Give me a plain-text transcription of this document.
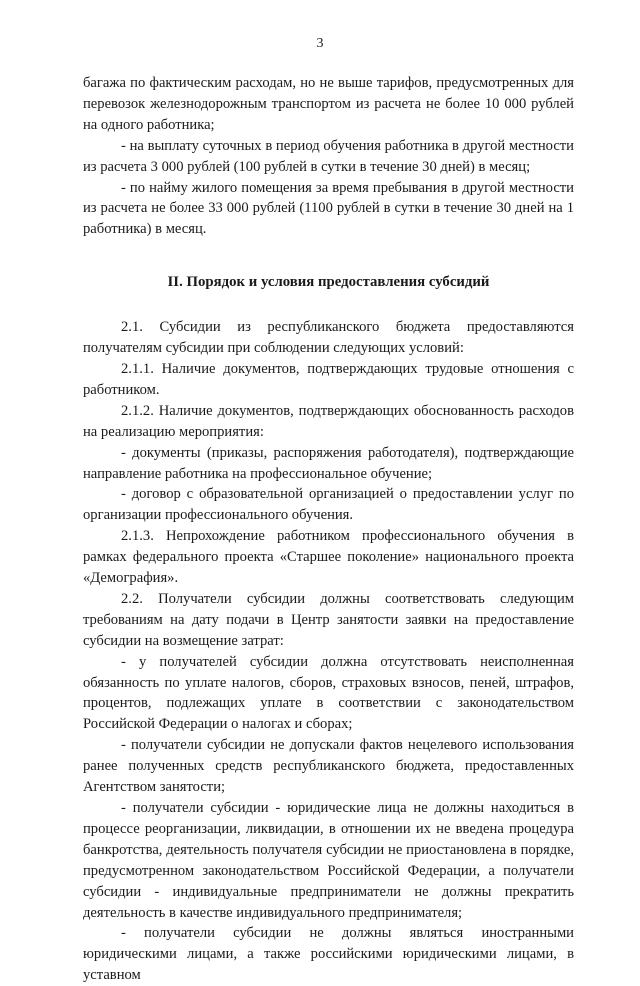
3

багажа по фактическим расходам, но не выше тарифов, предусмотренных для перевозок железнодорожным транспортом из расчета не более 10 000 рублей на одного работника;

- на выплату суточных в период обучения работника в другой местности из расчета 3 000 рублей (100 рублей в сутки в течение 30 дней) в месяц;

- по найму жилого помещения за время пребывания в другой местности из расчета не более 33 000 рублей (1100 рублей в сутки в течение 30 дней на 1 работника) в месяц.

II. Порядок и условия предоставления субсидий

2.1. Субсидии из республиканского бюджета предоставляются получателям субсидии при соблюдении следующих условий:

2.1.1. Наличие документов, подтверждающих трудовые отношения с работником.

2.1.2. Наличие документов, подтверждающих обоснованность расходов на реализацию мероприятия:

- документы (приказы, распоряжения работодателя), подтверждающие направление работника на профессиональное обучение;

- договор с образовательной организацией о предоставлении услуг по организации профессионального обучения.

2.1.3. Непрохождение работником профессионального обучения в рамках федерального проекта «Старшее поколение» национального проекта «Демография».

2.2. Получатели субсидии должны соответствовать следующим требованиям на дату подачи в Центр занятости заявки на предоставление субсидии на возмещение затрат:

- у получателей субсидии должна отсутствовать неисполненная обязанность по уплате налогов, сборов, страховых взносов, пеней, штрафов, процентов, подлежащих уплате в соответствии с законодательством Российской Федерации о налогах и сборах;

- получатели субсидии не допускали фактов нецелевого использования ранее полученных средств республиканского бюджета, предоставленных Агентством занятости;

- получатели субсидии - юридические лица не должны находиться в процессе реорганизации, ликвидации, в отношении их не введена процедура банкротства, деятельность получателя субсидии не приостановлена в порядке, предусмотренном законодательством Российской Федерации, а получатели субсидии - индивидуальные предприниматели не должны прекратить деятельность в качестве индивидуального предпринимателя;

- получатели субсидии не должны являться иностранными юридическими лицами, а также российскими юридическими лицами, в уставном
